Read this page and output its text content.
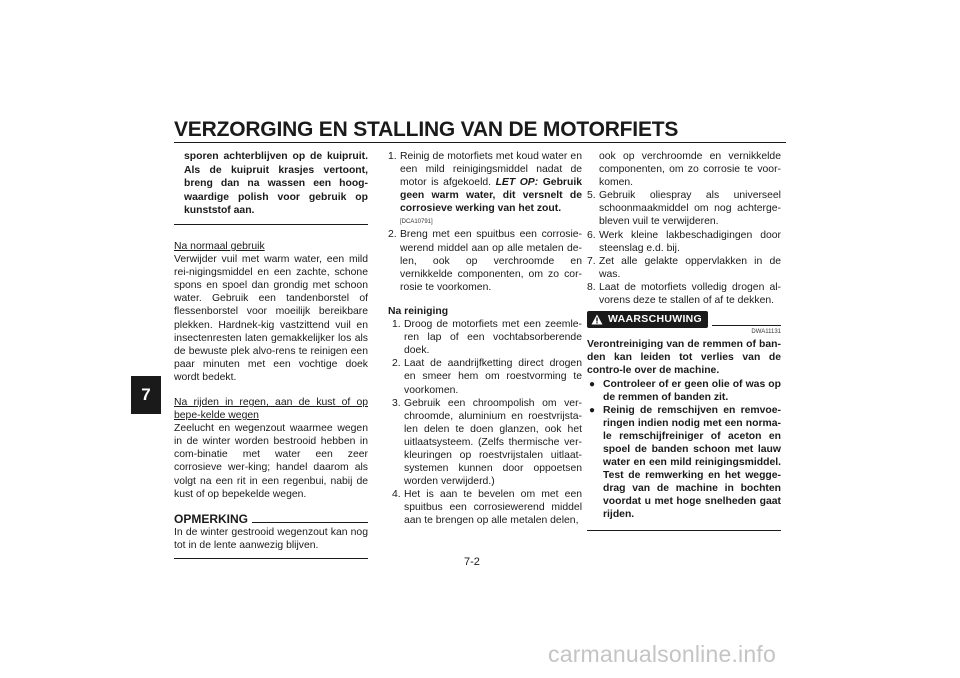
VERZORGING EN STALLING VAN DE MOTORFIETS
7

sporen achterblijven op de kuipruit. Als de kuipruit krasjes vertoont, breng dan na wassen een hoog-waardige polish voor gebruik op kunststof aan.

Na normaal gebruik

Verwijder vuil met warm water, een mild rei-nigingsmiddel en een zachte, schone spons en spoel dan grondig met schoon water. Gebruik een tandenborstel of flessenborstel voor moeilijk bereikbare plekken. Hardnek-kig vastzittend vuil en insectenresten laten gemakkelijker los als de bewuste plek alvo-rens te reinigen een paar minuten met een vochtige doek wordt bedekt.

Na rijden in regen, aan de kust of op bepe-kelde wegen

Zeelucht en wegenzout waarmee wegen in de winter worden bestrooid hebben in com-binatie met water een zeer corrosieve wer-king; handel daarom als volgt na een rit in een regenbui, nabij de kust of op bepekelde wegen.

OPMERKING

In de winter gestrooid wegenzout kan nog tot in de lente aanwezig blijven.

1. Reinig de motorfiets met koud water en een mild reinigingsmiddel nadat de motor is afgekoeld. LET OP: Gebruik geen warm water, dit versnelt de corrosieve werking van het zout.
[DCA10791]
2. Breng met een spuitbus een corrosie-werend middel aan op alle metalen de-len, ook op verchroomde en vernikkelde componenten, om zo cor-rosie te voorkomen.

Na reiniging

1. Droog de motorfiets met een zeemle-ren lap of een vochtabsorberende doek.
2. Laat de aandrijfketting direct drogen en smeer hem om roestvorming te voorkomen.
3. Gebruik een chroompolish om ver-chroomde, aluminium en roestvrijsta-len delen te doen glanzen, ook het uitlaatsysteem. (Zelfs thermische ver-kleuringen op roestvrijstalen uitlaat-systemen kunnen door oppoetsen worden verwijderd.)
4. Het is aan te bevelen om met een spuitbus een corrosiewerend middel aan te brengen op alle metalen delen,
ook op verchroomde en vernikkelde componenten, om zo corrosie te voor-komen.
5. Gebruik oliespray als universeel schoonmaakmiddel om nog achterge-bleven vuil te verwijderen.
6. Werk kleine lakbeschadigingen door steenslag e.d. bij.
7. Zet alle gelakte oppervlakken in de was.
8. Laat de motorfiets volledig drogen al-vorens deze te stallen of af te dekken.
WAARSCHUWING
DWA11131

Verontreiniging van de remmen of ban-den kan leiden tot verlies van de contro-le over de machine.

● Controleer of er geen olie of was op de remmen of banden zit.
● Reinig de remschijven en remvoe-ringen indien nodig met een norma-le remschijfreiniger of aceton en spoel de banden schoon met lauw water en een mild reinigingsmiddel. Test de remwerking en het wegge-drag van de machine in bochten voordat u met hoge snelheden gaat rijden.
7-2
carmanualsonline.info
